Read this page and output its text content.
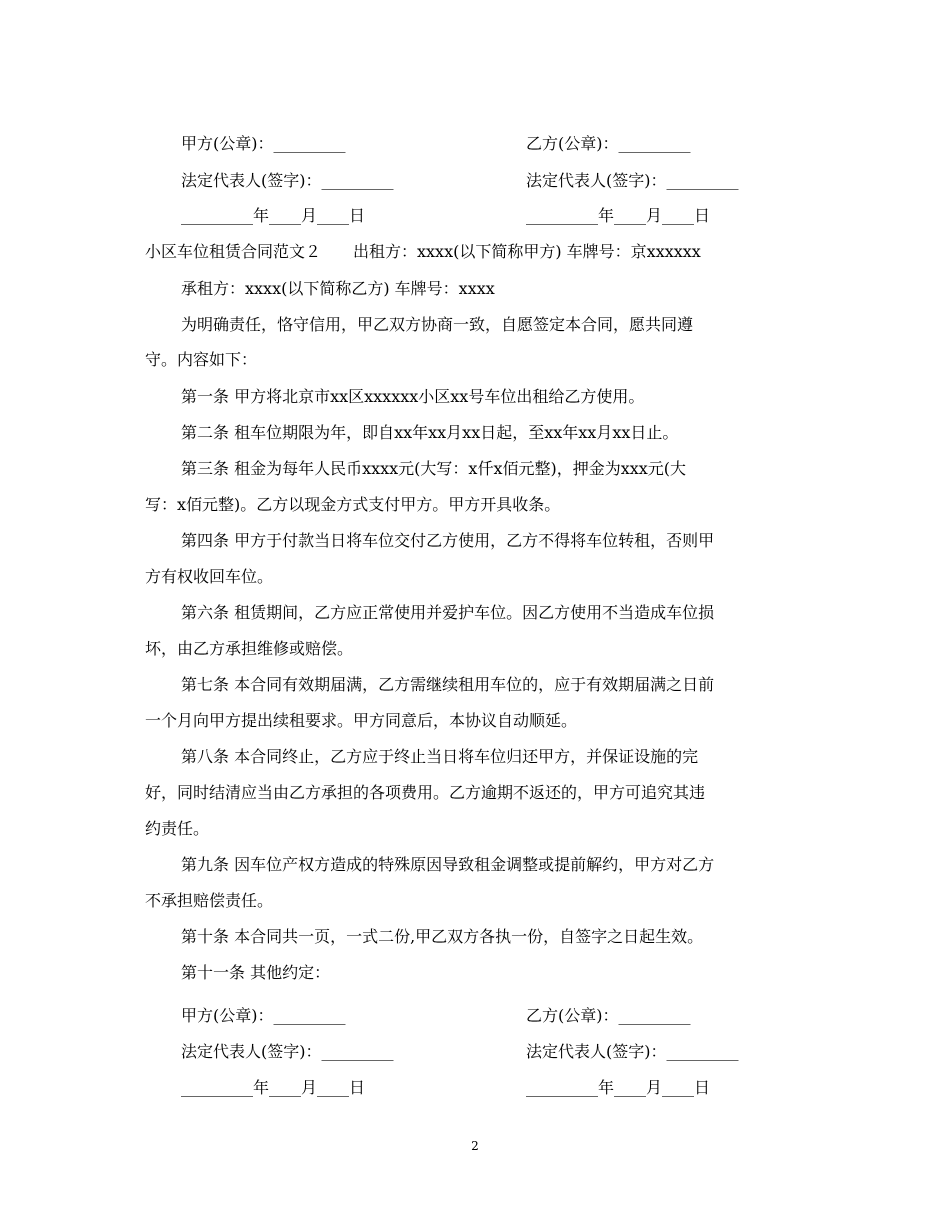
甲方(公章)：_________	乙方(公章)：_________
法定代表人(签字)：_________	法定代表人(签字)：_________
_________年____月____日	_________年____月____日
小区车位租赁合同范文２　　出租方：xxxx(以下简称甲方) 车牌号：京xxxxxx
承租方：xxxx(以下简称乙方) 车牌号：xxxx
为明确责任，恪守信用，甲乙双方协商一致，自愿签定本合同，愿共同遵
守。内容如下：
第一条 甲方将北京市xx区xxxxxx小区xx号车位出租给乙方使用。
第二条 租车位期限为年，即自xx年xx月xx日起，至xx年xx月xx日止。
第三条 租金为每年人民币xxxx元(大写：x仟x佰元整)，押金为xxx元(大
写：x佰元整)。乙方以现金方式支付甲方。甲方开具收条。
第四条 甲方于付款当日将车位交付乙方使用，乙方不得将车位转租，否则甲
方有权收回车位。
第六条 租赁期间，乙方应正常使用并爱护车位。因乙方使用不当造成车位损
坏，由乙方承担维修或赔偿。
第七条 本合同有效期届满，乙方需继续租用车位的，应于有效期届满之日前
一个月向甲方提出续租要求。甲方同意后，本协议自动顺延。
第八条 本合同终止，乙方应于终止当日将车位归还甲方，并保证设施的完
好，同时结清应当由乙方承担的各项费用。乙方逾期不返还的，甲方可追究其违
约责任。
第九条 因车位产权方造成的特殊原因导致租金调整或提前解约，甲方对乙方
不承担赔偿责任。
第十条 本合同共一页，一式二份,甲乙双方各执一份，自签字之日起生效。
第十一条 其他约定：
甲方(公章)：_________	乙方(公章)：_________
法定代表人(签字)：_________	法定代表人(签字)：_________
_________年____月____日	_________年____月____日
2
